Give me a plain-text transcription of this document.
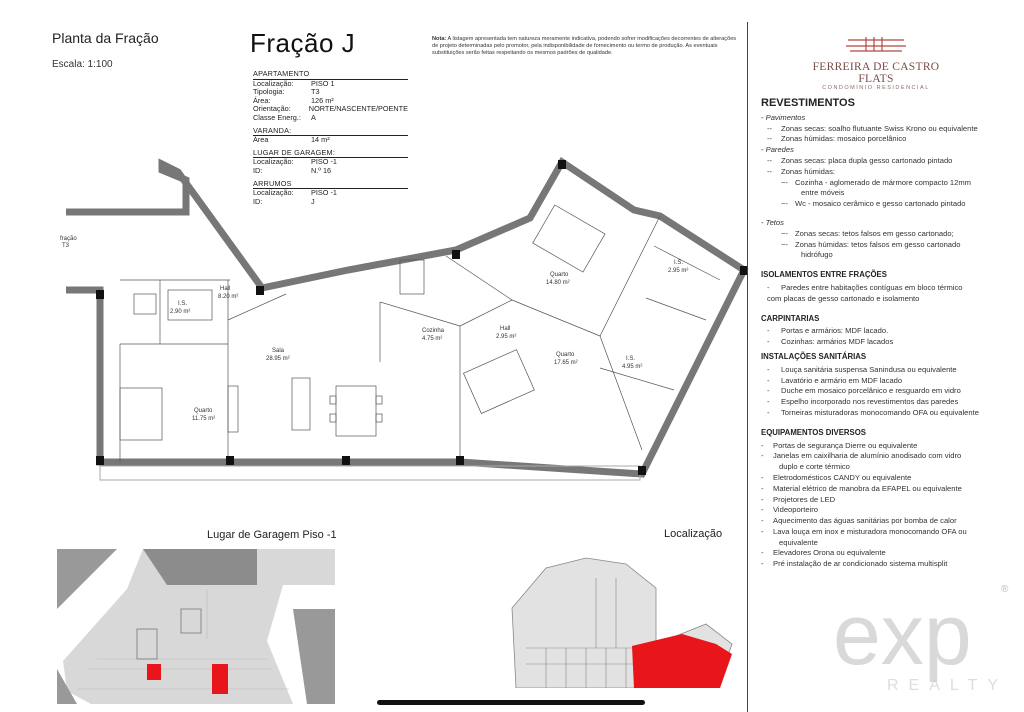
Planta da Fração
Escala: 1:100
Fração J	Nota: A listagem apresentada tem natureza meramente indicativa, podendo sofrer modificações decorrentes de alterações de projeto determinadas pelo promotor, pela indisponibilidade de fornecimento ou termo de produção. As eventuais substituições serão feitas respeitando os mesmos padrões de qualidade.
APARTAMENTO
Localização:	PISO 1
Tipologia:	T3
Área:	126 m²
Orientação:	NORTE/NASCENTE/POENTE
Classe Energ.:	A
VARANDA:
Área	14 m²
LUGAR DE GARAGEM:
Localização:	PISO -1
ID:	N.º 16
ARRUMOS
Localização:	PISO -1
ID:	J
fração
T3
Hall
8.20 m²
I.S.
2.90 m²
Sala
28.95 m²
Quarto
11.75 m²
Cozinha
4.75 m²
Hall
2.95 m²
Quarto
14.80 m²
I.S.
2.95 m²
Quarto
17.65 m²
I.S.
4.95 m²
FERREIRA DE CASTRO FLATS
CONDOMÍNIO RESIDENCIAL
REVESTIMENTOS
- Pavimentos
-- Zonas secas: soalho flutuante Swiss Krono ou equivalente
-- Zonas húmidas: mosaico porcelânico
- Paredes
-- Zonas secas: placa dupla gesso cartonado pintado
-- Zonas húmidas:
~- Cozinha - aglomerado de mármore compacto 12mm
entre móveis
~- Wc - mosaico cerâmico e gesso cartonado pintado
- Tetos
~- Zonas secas: tetos falsos em gesso cartonado;
~- Zonas húmidas: tetos falsos em gesso cartonado
hidrófugo
ISOLAMENTOS ENTRE FRAÇÕES
- Paredes entre habitações contíguas em bloco térmico
com placas de gesso cartonado e isolamento
CARPINTARIAS
- Portas e armários: MDF lacado.
- Cozinhas: armários MDF lacados
INSTALAÇÕES SANITÁRIAS
- Louça sanitária suspensa Sanindusa ou equivalente
- Lavatório e armário em MDF lacado
- Duche em mosaico porcelânico e resguardo em vidro
- Espelho incorporado nos revestimentos das paredes
- Torneiras misturadoras monocomando OFA ou equivalente
EQUIPAMENTOS DIVERSOS
- Portas de segurança Dierre ou equivalente
- Janelas em caixilharia de alumínio anodisado com vidro
duplo e corte térmico
- Eletrodomésticos CANDY ou equivalente
- Material elétrico de manobra da EFAPEL ou equivalente
- Projetores de LED
- Videoporteiro
- Aquecimento das águas sanitárias por bomba de calor
- Lava louça em inox e misturadora monocomando OFA ou
equivalente
- Elevadores Orona ou equivalente
- Pré instalação de ar condicionado sistema multisplit
Lugar de Garagem Piso -1	Localização
exp	®
REALTY
